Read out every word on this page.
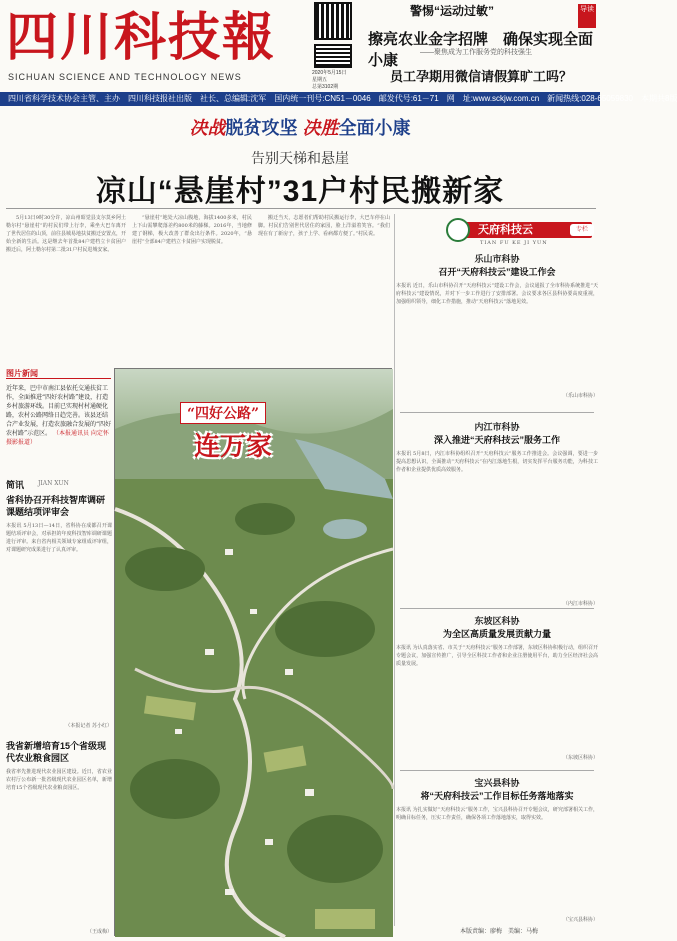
四川科技報
SICHUAN SCIENCE AND TECHNOLOGY NEWS	2020年5月15日
星期五
总第3102期
警惕“运动过敏”
擦亮农业金字招牌　确保实现全面小康	——聚焦成为工作服务党的科技强生
员工孕期用微信请假算旷工吗？
导读
四川省科学技术协会主管、主办　四川科技报社出版　社长、总编辑:沈军　国内统一刊号:CN51－0046　邮发代号:61－71　网　址:www.sckjw.com.cn　新闻热线:028-65059830　本期共8版
决战脱贫攻坚 决胜全面小康
告别天梯和悬崖
凉山“悬崖村”31户村民搬新家

5月13日9时30分许，凉山州昭觉县支尔莫乡阿土勒尔村“悬崖村”的村民们带上行李，乘坐大巴车离开了世代居住的山顶，前往县城易地扶贫搬迁安置点，开始全新的生活。这是继去年首批84户建档立卡贫困户搬迁后，阿土勒尔村第二批31户村民进城安家。

“悬崖村”地处大凉山腹地，海拔1400多米，村民上下山需攀爬落差约800米的藤梯。2016年，当地修建了钢梯，极大改善了群众出行条件。2020年，“悬崖村”全部84户建档立卡贫困户实现脱贫。

搬迁当天，志愿者们帮助村民搬运行李，大巴车停在山脚。村民们告别世代居住的家园，脸上洋溢着笑容。“我们现在有了新房子，孩子上学、看病都方便了。”村民说。

图片新闻
近年来，巴中市南江县依托交通扶贫工作，全面推进“四好农村路”建设，打造乡村旅游环线。目前已实现村村通硬化路，农村公路网络日趋完善。该县还结合产业发展，打造农旅融合发展的“四好农村路”示范区。 （本报通讯员 向定怀 摄影报道）
“四好公路”
连万家
简讯 JIAN XUN
省科协召开科技智库调研课题结项评审会
本报讯 5月13日—14日，省科协在成都召开课题结项评审会，对承担的年度科技智库调研课题进行评审。来自省内相关领域专家组成评审组，对课题研究成果进行了认真评审。
（本报记者 苏小红）
我省新增培育15个省级现代农业粮食园区
我省率先推进现代农业园区建设。近日，省农业农村厅公布新一批省级现代农业园区名单，新增培育15个省级现代农业粮食园区。
（王成梅）
天府科技云	专栏
TIAN FU KE JI YUN
乐山市科协
召开“天府科技云”建设工作会
本报讯 近日，乐山市科协召开“天府科技云”建设工作会，会议通报了全市科协系统推进“天府科技云”建设情况，并对下一步工作进行了安排部署。会议要求各区县科协要高度重视，加强组织领导，细化工作措施，推动“天府科技云”落地见效。
（乐山市科协）
内江市科协
深入推进“天府科技云”服务工作
本报讯 5月8日，内江市科协组织召开“天府科技云”服务工作推进会。会议强调，要进一步提高思想认识，全面推动“天府科技云”在内江落地生根，切实发挥平台服务功能，为科技工作者和企业提供优质高效服务。
（内江市科协）
东坡区科协
为全区高质量发展贡献力量
本报讯 为认真落实省、市关于“天府科技云”服务工作部署，东坡区科协积极行动，组织召开专题会议，加强宣传推广，引导全区科技工作者和企业注册使用平台，助力全区经济社会高质量发展。
（东坡区科协）
宝兴县科协
将“天府科技云”工作目标任务落地落实
本报讯 为扎实做好“天府科技云”服务工作，宝兴县科协召开专题会议，研究部署相关工作，明确目标任务，压实工作责任，确保各项工作落地落实，取得实效。
（宝兴县科协）
本版责编：廖梅　美编：马梅
